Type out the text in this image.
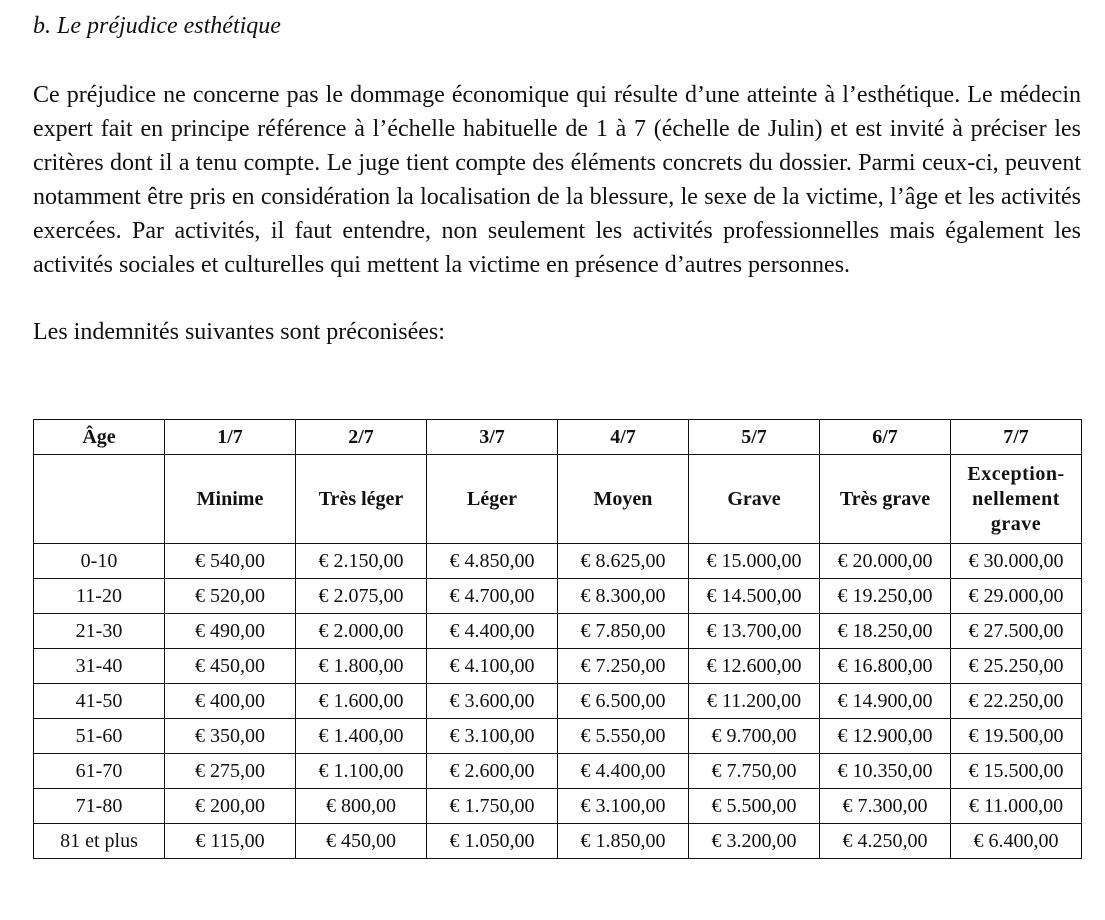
b. Le préjudice esthétique

Ce préjudice ne concerne pas le dommage économique qui résulte d’une atteinte à l’esthétique. Le médecin expert fait en principe référence à l’échelle habituelle de 1 à 7 (échelle de Julin) et est invité à préciser les critères dont il a tenu compte. Le juge tient compte des éléments concrets du dossier. Parmi ceux-ci, peuvent notamment être pris en considération la localisation de la blessure, le sexe de la victime, l’âge et les activités exercées. Par activités, il faut entendre, non seulement les activités professionnelles mais également les activités sociales et culturelles qui mettent la victime en présence d’autres personnes.

Les indemnités suivantes sont préconisées:

Âge	1/7	2/7	3/7	4/7	5/7	6/7	7/7
	Minime	Très léger	Léger	Moyen	Grave	Très grave	Exception-nellement grave
0-10	€ 540,00	€ 2.150,00	€ 4.850,00	€ 8.625,00	€ 15.000,00	€ 20.000,00	€ 30.000,00
11-20	€ 520,00	€ 2.075,00	€ 4.700,00	€ 8.300,00	€ 14.500,00	€ 19.250,00	€ 29.000,00
21-30	€ 490,00	€ 2.000,00	€ 4.400,00	€ 7.850,00	€ 13.700,00	€ 18.250,00	€ 27.500,00
31-40	€ 450,00	€ 1.800,00	€ 4.100,00	€ 7.250,00	€ 12.600,00	€ 16.800,00	€ 25.250,00
41-50	€ 400,00	€ 1.600,00	€ 3.600,00	€ 6.500,00	€ 11.200,00	€ 14.900,00	€ 22.250,00
51-60	€ 350,00	€ 1.400,00	€ 3.100,00	€ 5.550,00	€ 9.700,00	€ 12.900,00	€ 19.500,00
61-70	€ 275,00	€ 1.100,00	€ 2.600,00	€ 4.400,00	€ 7.750,00	€ 10.350,00	€ 15.500,00
71-80	€ 200,00	€ 800,00	€ 1.750,00	€ 3.100,00	€ 5.500,00	€ 7.300,00	€ 11.000,00
81 et plus	€ 115,00	€ 450,00	€ 1.050,00	€ 1.850,00	€ 3.200,00	€ 4.250,00	€ 6.400,00
